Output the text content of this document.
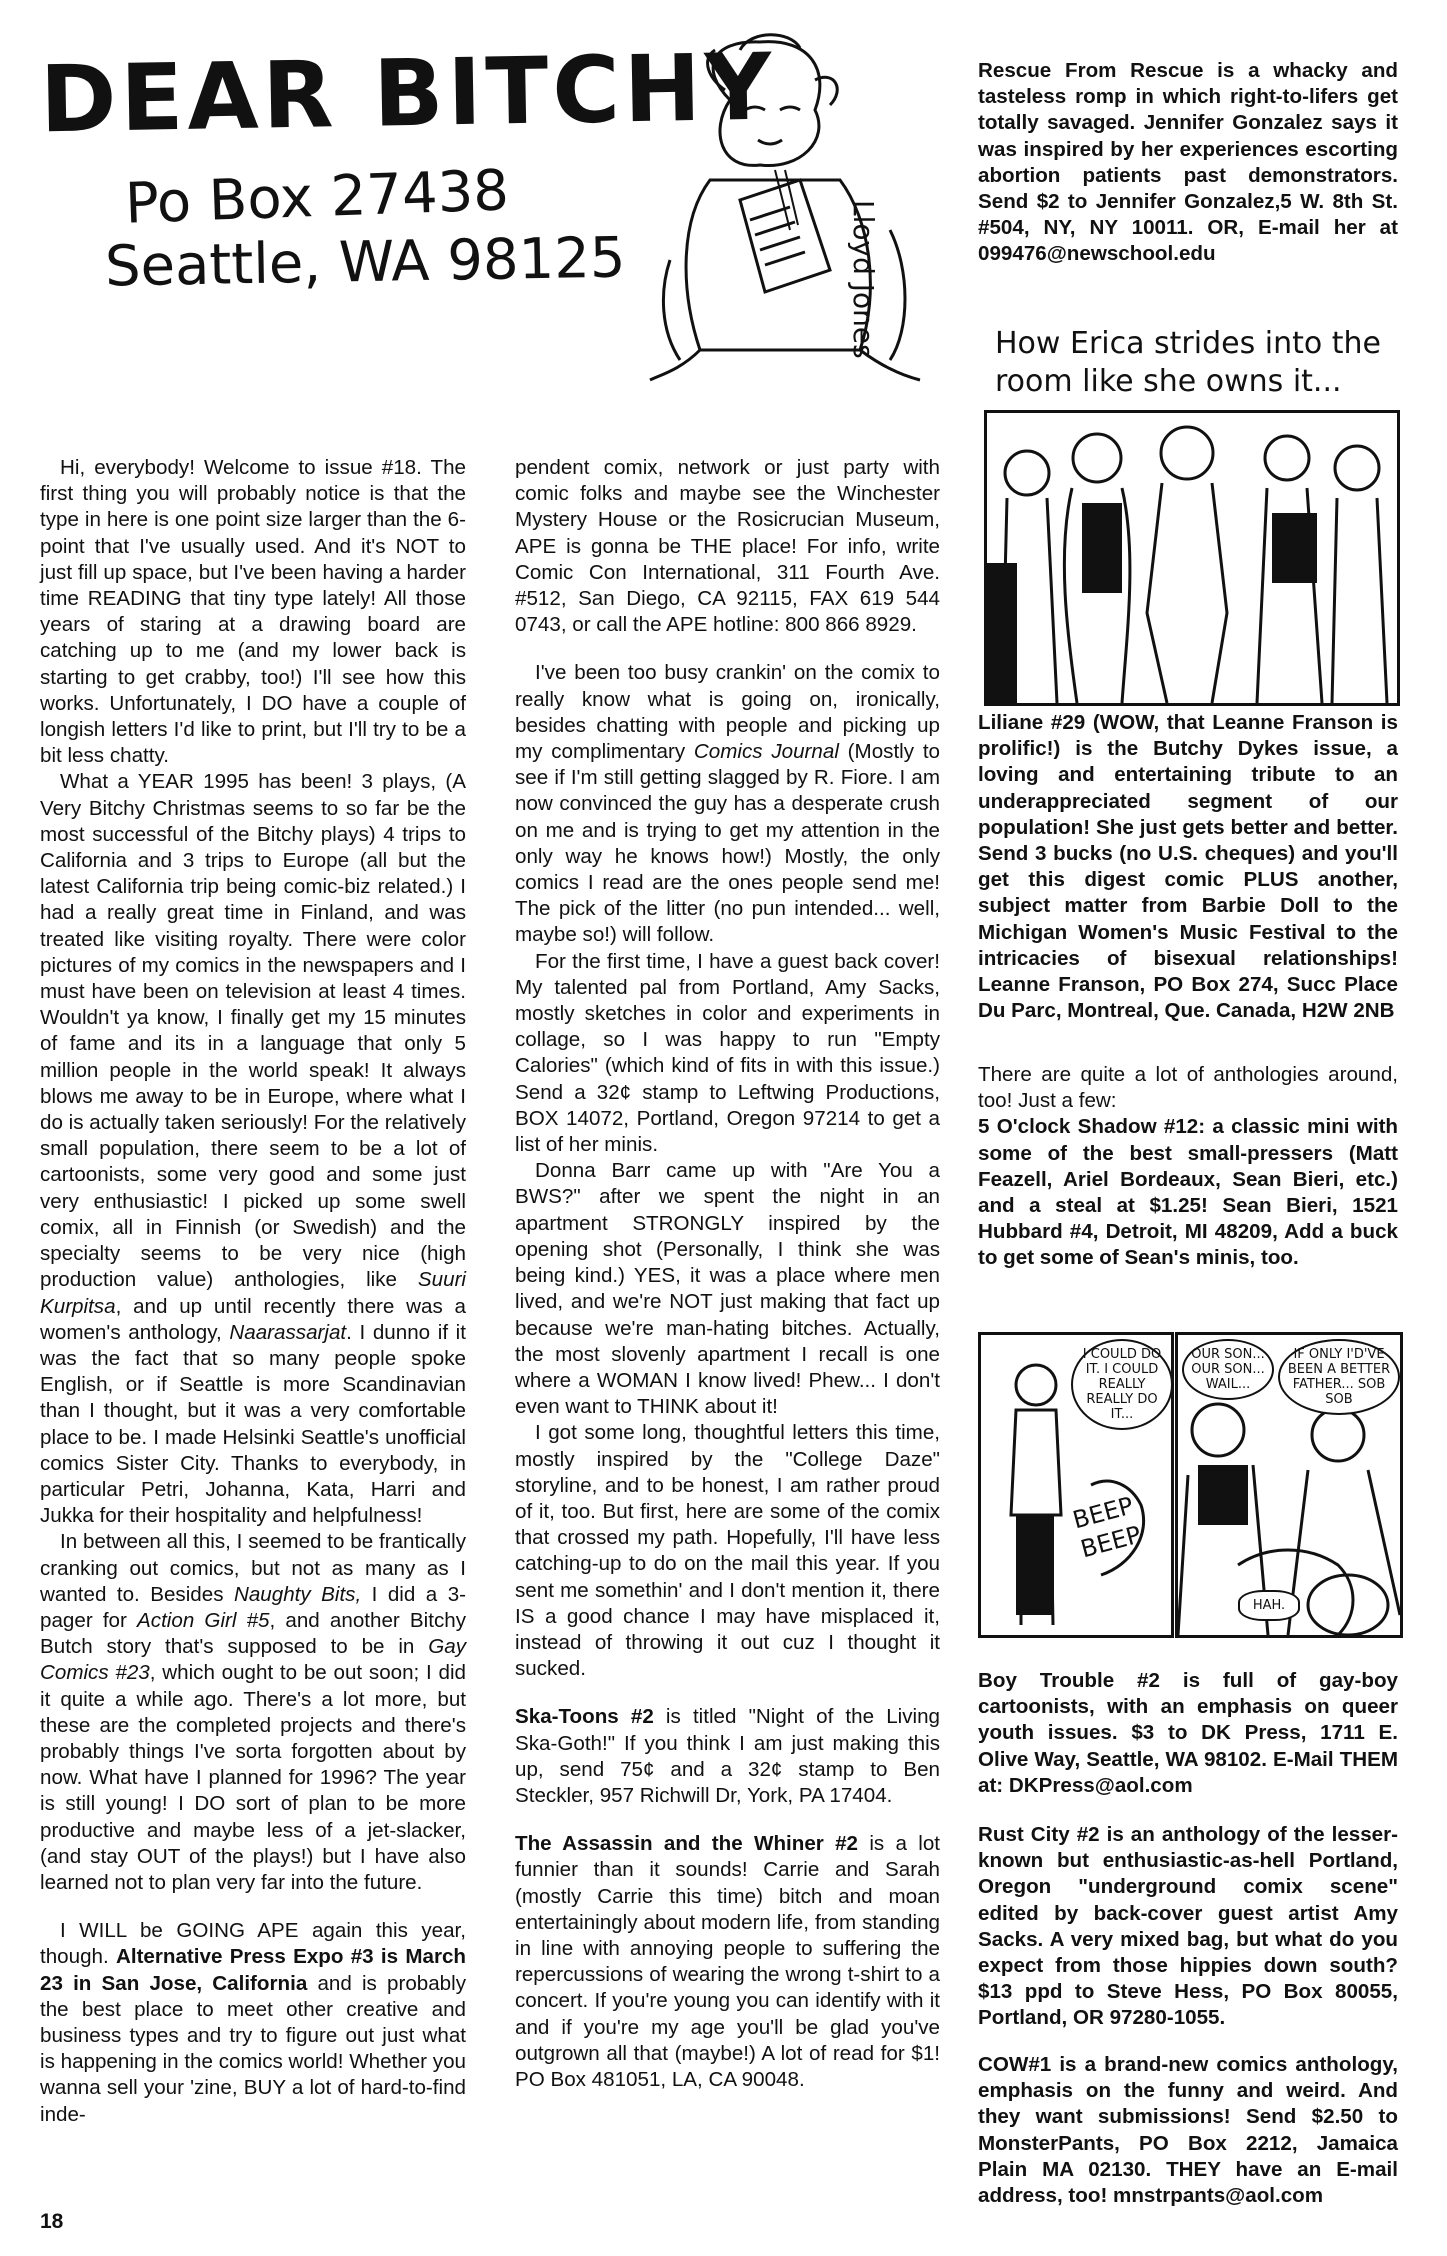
DEAR BITCHY
Po Box 27438
Seattle, WA 98125	Lloyd Jones

Hi, everybody! Welcome to issue #18. The first thing you will probably notice is that the type in here is one point size larger than the 6-point that I've usually used. And it's NOT to just fill up space, but I've been having a harder time READING that tiny type lately! All those years of staring at a drawing board are catching up to me (and my lower back is starting to get crabby, too!) I'll see how this works. Unfortunately, I DO have a couple of longish letters I'd like to print, but I'll try to be a bit less chatty.

What a YEAR 1995 has been! 3 plays, (A Very Bitchy Christmas seems to so far be the most successful of the Bitchy plays) 4 trips to California and 3 trips to Europe (all but the latest California trip being comic-biz related.) I had a really great time in Finland, and was treated like visiting royalty. There were color pictures of my comics in the newspapers and I must have been on television at least 4 times. Wouldn't ya know, I finally get my 15 minutes of fame and its in a language that only 5 million people in the world speak! It always blows me away to be in Europe, where what I do is actually taken seriously! For the relatively small population, there seem to be a lot of cartoonists, some very good and some just very enthusiastic! I picked up some swell comix, all in Finnish (or Swedish) and the specialty seems to be very nice (high production value) anthologies, like Suuri Kurpitsa, and up until recently there was a women's anthology, Naarassarjat. I dunno if it was the fact that so many people spoke English, or if Seattle is more Scandinavian than I thought, but it was a very comfortable place to be. I made Helsinki Seattle's unofficial comics Sister City. Thanks to everybody, in particular Petri, Johanna, Kata, Harri and Jukka for their hospitality and helpfulness!

In between all this, I seemed to be frantically cranking out comics, but not as many as I wanted to. Besides Naughty Bits, I did a 3-pager for Action Girl #5, and another Bitchy Butch story that's supposed to be in Gay Comics #23, which ought to be out soon; I did it quite a while ago. There's a lot more, but these are the completed projects and there's probably things I've sorta forgotten about by now. What have I planned for 1996? The year is still young! I DO sort of plan to be more productive and maybe less of a jet-slacker, (and stay OUT of the plays!) but I have also learned not to plan very far into the future.

I WILL be GOING APE again this year, though. Alternative Press Expo #3 is March 23 in San Jose, California and is probably the best place to meet other creative and business types and try to figure out just what is happening in the comics world! Whether you wanna sell your 'zine, BUY a lot of hard-to-find inde-

18

pendent comix, network or just party with comic folks and maybe see the Winchester Mystery House or the Rosicrucian Museum, APE is gonna be THE place! For info, write Comic Con International, 311 Fourth Ave. #512, San Diego, CA 92115, FAX 619 544 0743, or call the APE hotline: 800 866 8929.

I've been too busy crankin' on the comix to really know what is going on, ironically, besides chatting with people and picking up my complimentary Comics Journal (Mostly to see if I'm still getting slagged by R. Fiore. I am now convinced the guy has a desperate crush on me and is trying to get my attention in the only way he knows how!) Mostly, the only comics I read are the ones people send me! The pick of the litter (no pun intended... well, maybe so!) will follow.

For the first time, I have a guest back cover! My talented pal from Portland, Amy Sacks, mostly sketches in color and experiments in collage, so I was happy to run "Empty Calories" (which kind of fits in with this issue.) Send a 32¢ stamp to Leftwing Productions, BOX 14072, Portland, Oregon 97214 to get a list of her minis.

Donna Barr came up with "Are You a BWS?" after we spent the night in an apartment STRONGLY inspired by the opening shot (Personally, I think she was being kind.) YES, it was a place where men lived, and we're NOT just making that fact up because we're man-hating bitches. Actually, the most slovenly apartment I recall is one where a WOMAN I know lived! Phew... I don't even want to THINK about it!

I got some long, thoughtful letters this time, mostly inspired by the "College Daze" storyline, and to be honest, I am rather proud of it, too. But first, here are some of the comix that crossed my path. Hopefully, I'll have less catching-up to do on the mail this year. If you sent me somethin' and I don't mention it, there IS a good chance I may have misplaced it, instead of throwing it out cuz I thought it sucked.

Ska-Toons #2 is titled "Night of the Living Ska-Goth!" If you think I am just making this up, send 75¢ and a 32¢ stamp to Ben Steckler, 957 Richwill Dr, York, PA 17404.

The Assassin and the Whiner #2 is a lot funnier than it sounds! Carrie and Sarah (mostly Carrie this time) bitch and moan entertainingly about modern life, from standing in line with annoying people to suffering the repercussions of wearing the wrong t-shirt to a concert. If you're young you can identify with it and if you're my age you'll be glad you've outgrown all that (maybe!) A lot of read for $1! PO Box 481051, LA, CA 90048.

Rescue From Rescue is a whacky and tasteless romp in which right-to-lifers get totally savaged. Jennifer Gonzalez says it was inspired by her experiences escorting abortion patients past demonstrators. Send $2 to Jennifer Gonzalez,5 W. 8th St. #504, NY, NY 10011. OR, E-mail her at 099476@newschool.edu

How Erica strides into the room like she owns it...

Liliane #29 (WOW, that Leanne Franson is prolific!) is the Butchy Dykes issue, a loving and entertaining tribute to an underappreciated segment of our population! She just gets better and better. Send 3 bucks (no U.S. cheques) and you'll get this digest comic PLUS another, subject matter from Barbie Doll to the Michigan Women's Music Festival to the intricacies of bisexual relationships! Leanne Franson, PO Box 274, Succ Place Du Parc, Montreal, Que. Canada, H2W 2NB

There are quite a lot of anthologies around, too! Just a few:

5 O'clock Shadow #12: a classic mini with some of the best small-pressers (Matt Feazell, Ariel Bordeaux, Sean Bieri, etc.) and a steal at $1.25! Sean Bieri, 1521 Hubbard #4, Detroit, MI 48209, Add a buck to get some of Sean's minis, too.

I COULD DO IT. I COULD REALLY REALLY DO IT...
BEEP BEEP
OUR SON... OUR SON... WAIL...
IF ONLY I'D'VE BEEN A BETTER FATHER... SOB SOB
HAH.

Boy Trouble #2 is full of gay-boy cartoonists, with an emphasis on queer youth issues. $3 to DK Press, 1711 E. Olive Way, Seattle, WA 98102. E-Mail THEM at: DKPress@aol.com

Rust City #2 is an anthology of the lesser-known but enthusiastic-as-hell Portland, Oregon "underground comix scene" edited by back-cover guest artist Amy Sacks. A very mixed bag, but what do you expect from those hippies down south? $13 ppd to Steve Hess, PO Box 80055, Portland, OR 97280-1055.

COW#1 is a brand-new comics anthology, emphasis on the funny and weird. And they want submissions! Send $2.50 to MonsterPants, PO Box 2212, Jamaica Plain MA 02130. THEY have an E-mail address, too! mnstrpants@aol.com
